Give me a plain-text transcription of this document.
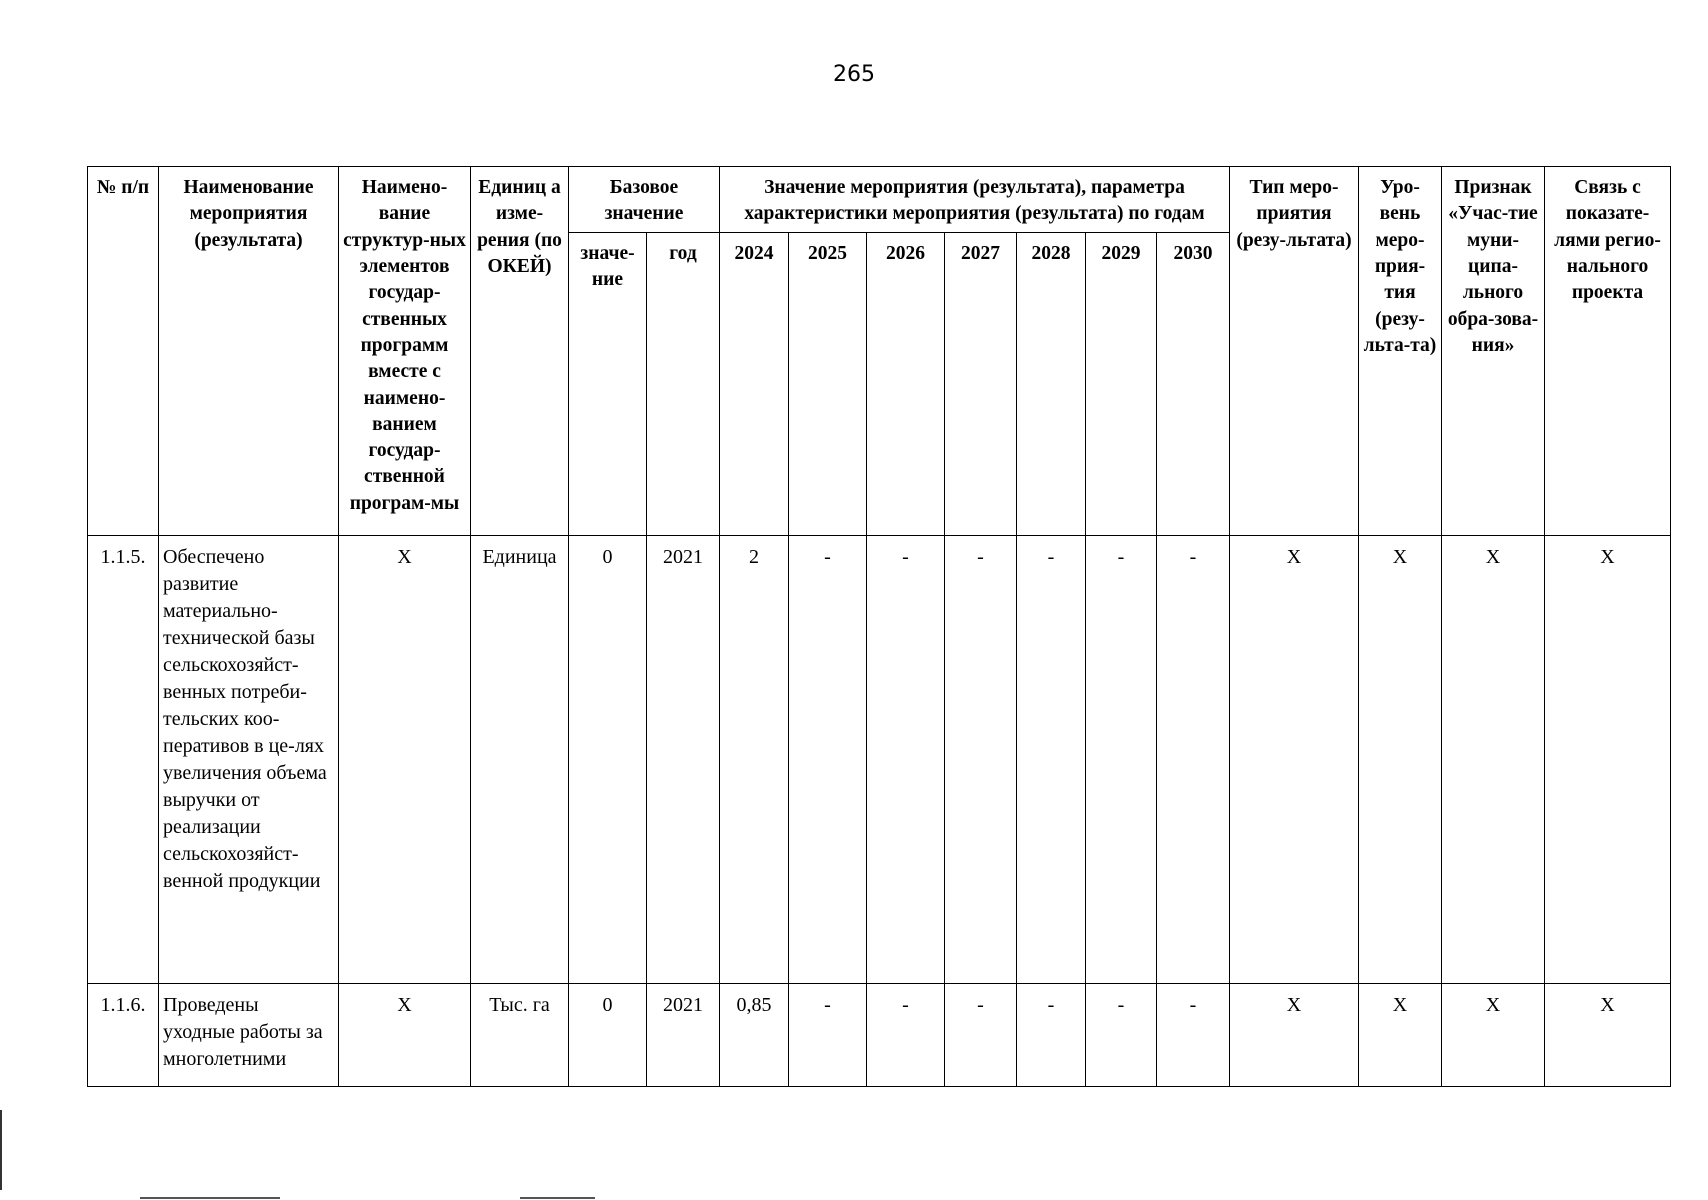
265
№ п/п	Наименование мероприятия (результата)	Наимено-вание структур-ных элементов государ-ственных программ вместе с наимено-ванием государ-ственной програм-мы	Единиц а изме-рения (по ОКЕЙ)	Базовое значение		Значение мероприятия (результата), параметра характеристики мероприятия (результата) по годам							Тип меро-приятия (резу-льтата)	Уро-вень меро-прия-тия (резу-льта-та)	Признак «Учас-тие муни-ципа-льного обра-зова-ния»	Связь с показате-лями регио-нального проекта
				значе-ние	год	2024	2025	2026	2027	2028	2029	2030				
1.1.5.	Обеспечено развитие материально-технической базы сельскохозяйст-венных потреби-тельских коо-перативов в це-лях увеличения объема выручки от реализации сельскохозяйст-венной продукции	X	Единица	0	2021	2	-	-	-	-	-	-	X	X	X	X
1.1.6.	Проведены уходные работы за многолетними	X	Тыс. га	0	2021	0,85	-	-	-	-	-	-	X	X	X	X
